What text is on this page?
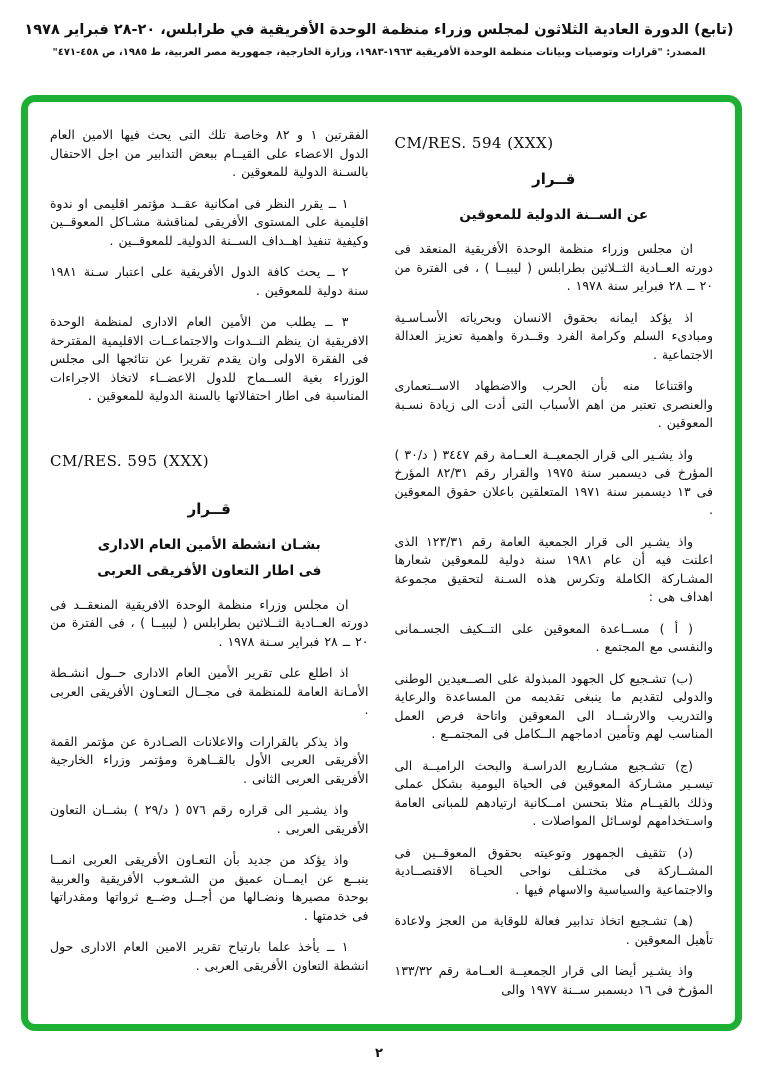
(تابع) الدورة العادية الثلاثون لمجلس وزراء منظمة الوحدة الأفريقية في طرابلس، ٢٠-٢٨ فبراير ١٩٧٨
المصدر: "قرارات وتوصيات وبيانات منظمة الوحدة الأفريقية ١٩٦٣-١٩٨٣، وزارة الخارجية، جمهورية مصر العربية، ط ١٩٨٥، ص ٤٥٨-٤٧١"
CM/RES. 594 (XXX)
قــرار
عن الســنة الدولية للمعوقين

ان مجلس وزراء منظمة الوحدة الأفريقية المنعقد فى دورته العــادية الثــلاثين بطرابلس ( ليبيــا ) ، فى الفترة من ٢٠ ــ ٢٨ فبراير سنة ١٩٧٨ .

اذ يؤكد ايمانه بحقوق الانسان وبحرياته الأسـاسـية ومبادىء السلم وكرامة الفرد وقــدرة واهمية تعزيز العدالة الاجتماعية .

واقتناعا منه بأن الحرب والاضطهاد الاســتعمارى والعنصرى تعتبر من اهم الأسباب التى أدت الى زيادة نسـبة المعوقين .

واذ يشـير الى قرار الجمعيــة العــامة رقم ٣٤٤٧ ( د/٣٠ ) المؤرخ فى ديسمبر سنة ١٩٧٥ والقرار رقم ٨٢/٣١ المؤرخ فى ١٣ ديسمبر سنة ١٩٧١ المتعلقين باعلان حقوق المعوقين .

واذ يشـير الى قرار الجمعية العامة رقم ١٢٣/٣١ الذى اعلنت فيه أن عام ١٩٨١ سنة دولية للمعوقين شعارها المشـاركة الكاملة وتكرس هذه السـنة لتحقيق مجموعة اهداف هى :

( أ ) مســاعدة المعوقين على التــكيف الجسـمانى والنفسى مع المجتمع .

(ب) تشـجيع كل الجهود المبذولة على الصــعيدين الوطنى والدولى لتقديم ما ينبغى تقديمه من المساعدة والرعاية والتدريب والارشــاد الى المعوقين واتاحة فرص العمل المناسب لهم وتأمين ادماجهم الــكامل فى المجتمــع .

(ج) تشـجيع مشـاريع الدراسـة والبحث الراميــة الى تيسـير مشـاركة المعوقين فى الحياة اليومية بشكل عملى وذلك بالقيــام مثلا بتحسن امــكانية ارتيادهم للمبانى العامة واسـتخدامهم لوسـائل المواصلات .

(د) تثقيف الجمهور وتوعيته بحقوق المعوقــين فى المشــاركة فى مختـلف نواحى الحيـاة الاقتصــادية والاجتماعية والسياسية والاسهام فيها .

(هـ) تشـجيع اتخاذ تدابير فعالة للوقاية من العجز ولاعادة تأهيل المعوقين .

واذ يشـير أيضا الى قرار الجمعيــة العــامة رقم ١٣٣/٣٢ المؤرخ فى ١٦ ديسمبر ســنة ١٩٧٧ والى

الفقرتين ١ و ٨٢ وخاصة تلك التى يحث فيها الامين العام الدول الاعضاء على القيــام ببعض التدابير من اجل الاحتفال بالسـنة الدولية للمعوقين .

١ ــ يقرر النظر فى امكانية عقــد مؤتمر اقليمى او ندوة اقليمية على المستوى الأفريقى لمناقشة مشـاكل المعوقــين وكيفية تنفيذ اهــداف الســنة الدوليةـ للمعوقــين .

٢ ــ يحث كافة الدول الأفريقية على اعتبار سـنة ١٩٨١ سنة دولية للمعوقين .

٣ ــ يطلب من الأمين العام الادارى لمنظمة الوحدة الافريقية ان ينظم النــدوات والاجتماعــات الاقليمية المقترحة فى الفقرة الاولى وان يقدم تقريرا عن نتائجها الى مجلس الوزراء بغية الســماح للدول الاعضــاء لاتخاذ الاجراءات المناسبة فى اطار احتفالاتها بالسنة الدولية للمعوقين .

CM/RES. 595 (XXX)
قــرار
بشـان انشطة الأمين العام الادارى
فى اطار التعاون الأفريقى العربى

ان مجلس وزراء منظمة الوحدة الافريقية المنعقــد فى دورته العــادية الثــلاثين بطرابلس ( ليبيــا ) ، فى الفترة من ٢٠ ــ ٢٨ فبراير سـنة ١٩٧٨ .

اذ اطلع على تقرير الأمين العام الادارى حــول انشـطة الأمـانة العامة للمنظمة فى مجــال التعـاون الأفريقى العربى .

واذ يذكر بالقرارات والاعلانات الصـادرة عن مؤتمر القمة الأفريقى العربى الأول بالقــاهرة ومؤتمر وزراء الخارجية الأفريقى العربى الثانى .

واذ يشـير الى قراره رقم ٥٧٦ ( د/٢٩ ) بشــان التعاون الأفريقى العربى .

واذ يؤكد من جديد بأن التعـاون الأفريقى العربى انمــا ينبــع عن ايمــان عميق من الشـعوب الأفريقية والعربية بوحدة مصيرها ونضـالها من أجــل وضــع ثرواتها ومقدراتها فى خدمتها .

١ ــ يأخذ علما بارتياح تقرير الامين العام الادارى حول انشطة التعاون الأفريقى العربى .

٢
